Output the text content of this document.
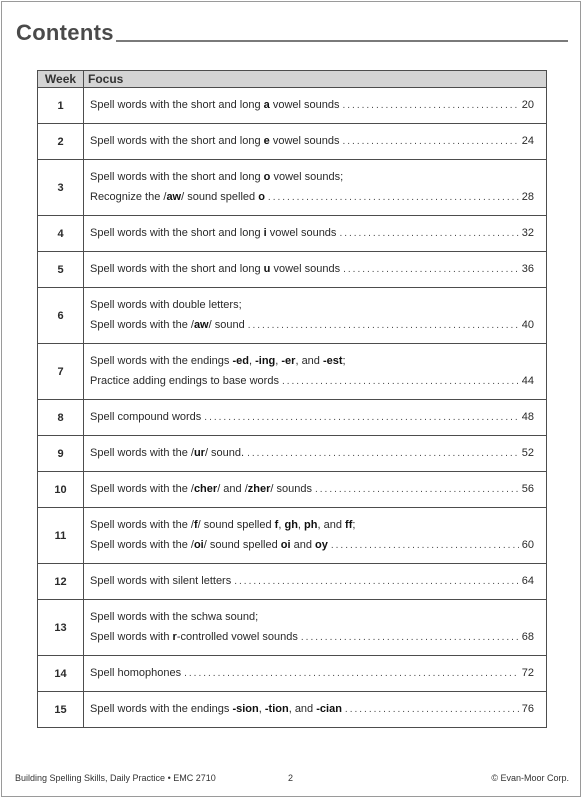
Contents
Week	Focus
1	Spell words with the short and long a vowel sounds ..... 20

2	Spell words with the short and long e vowel sounds ..... 24

3	Spell words with the short and long o vowel sounds;
Recognize the /aw/ sound spelled o ..... 28

4	Spell words with the short and long i vowel sounds ..... 32

5	Spell words with the short and long u vowel sounds ..... 36

6	Spell words with double letters;
Spell words with the /aw/ sound ..... 40

7	Spell words with the endings -ed, -ing, -er, and -est;
Practice adding endings to base words ..... 44

8	Spell compound words ..... 48

9	Spell words with the /ur/ sound. ..... 52

10	Spell words with the /cher/ and /zher/ sounds ..... 56

11	Spell words with the /f/ sound spelled f, gh, ph, and ff;
Spell words with the /oi/ sound spelled oi and oy ..... 60

12	Spell words with silent letters ..... 64

13	Spell words with the schwa sound;
Spell words with r-controlled vowel sounds ..... 68

14	Spell homophones ..... 72

15	Spell words with the endings -sion, -tion, and -cian ..... 76
Building Spelling Skills, Daily Practice • EMC 2710	2	© Evan-Moor Corp.
